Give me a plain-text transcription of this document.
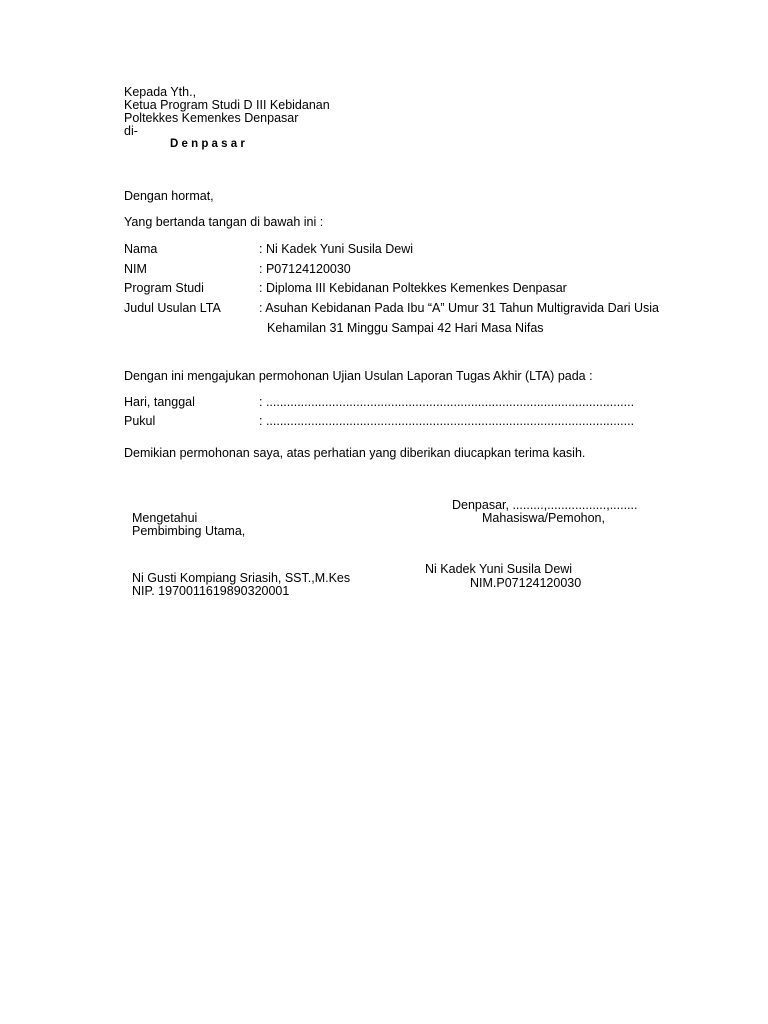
Kepada Yth.,
Ketua Program Studi D III Kebidanan
Poltekkes Kemenkes Denpasar
di-
Denpasar
Dengan hormat,
Yang bertanda tangan di bawah ini :
Nama	: Ni Kadek Yuni Susila Dewi
NIM	: P07124120030
Program Studi	: Diploma III Kebidanan Poltekkes Kemenkes Denpasar
Judul Usulan LTA	: Asuhan Kebidanan Pada Ibu “A” Umur 31 Tahun Multigravida Dari Usia
Kehamilan 31 Minggu Sampai 42 Hari Masa Nifas
Dengan ini mengajukan permohonan Ujian Usulan Laporan Tugas Akhir (LTA) pada :
Hari, tanggal	: ..........................................................................................................
Pukul	: ..........................................................................................................
Demikian permohonan saya, atas perhatian yang diberikan diucapkan terima kasih.
Denpasar, .........,.................,........
Mahasiswa/Pemohon,
Ni Kadek Yuni Susila Dewi
NIM.P07124120030
Mengetahui
Pembimbing Utama,
Ni Gusti Kompiang Sriasih, SST.,M.Kes
NIP. 1970011619890320001
